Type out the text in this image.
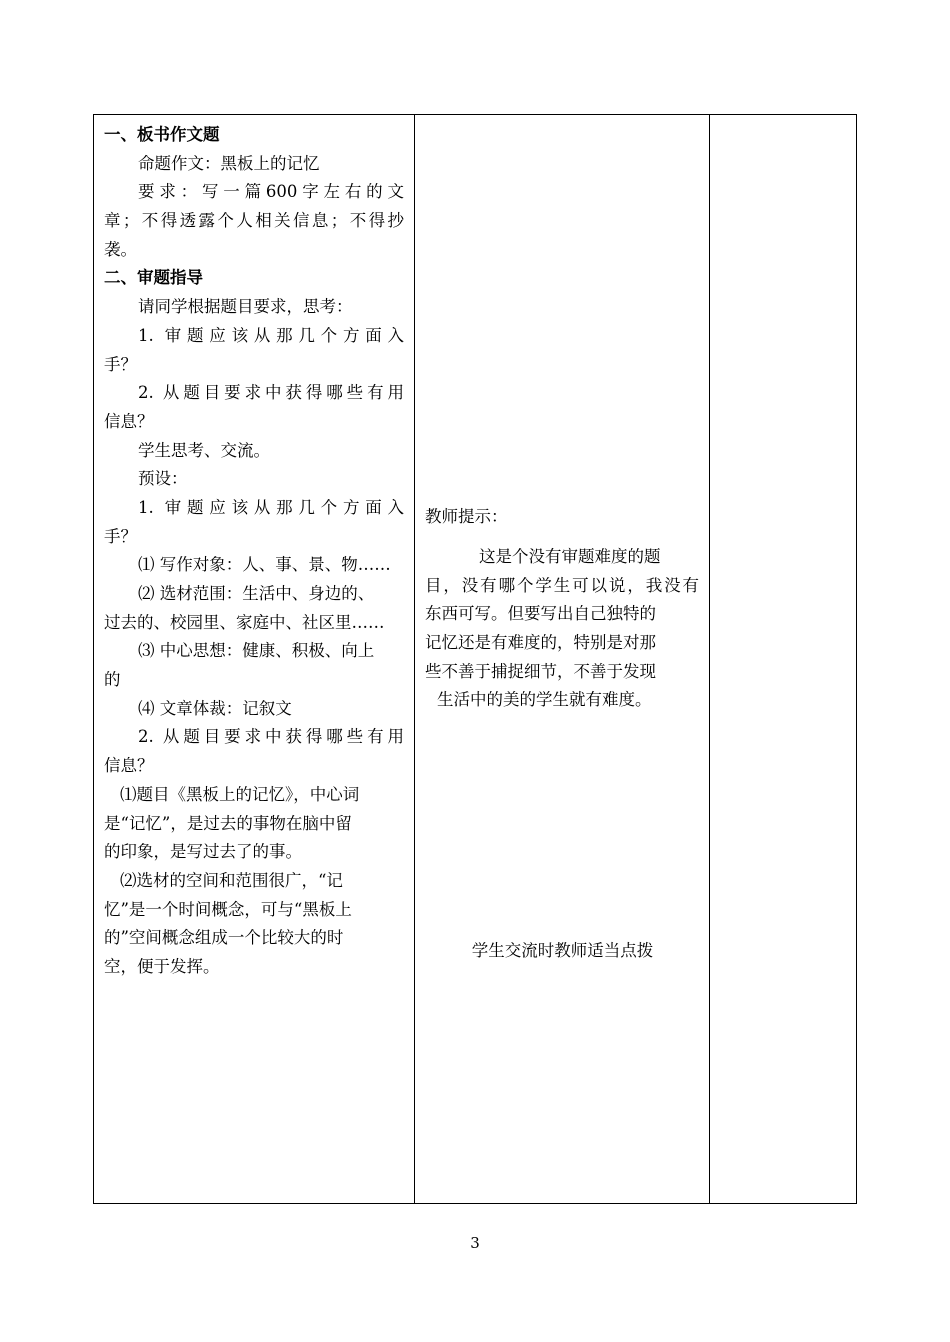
一、板书作文题
命题作文：黑板上的记忆
要求：写一篇600字左右的文
章；不得透露个人相关信息；不得抄
袭。
二、审题指导
请同学根据题目要求，思考：
1. 审题应该从那几个方面入
手？
2. 从题目要求中获得哪些有用
信息？
学生思考、交流。
预设：
1. 审题应该从那几个方面入
手？
⑴ 写作对象：人、事、景、物……
⑵ 选材范围：生活中、身边的、
过去的、校园里、家庭中、社区里……
⑶ 中心思想：健康、积极、向上
的
⑷ 文章体裁：记叙文
2. 从题目要求中获得哪些有用
信息？
⑴题目《黑板上的记忆》，中心词
是“记忆”，是过去的事物在脑中留
的印象，是写过去了的事。
⑵选材的空间和范围很广，“记
忆”是一个时间概念，可与“黑板上
的”空间概念组成一个比较大的时
空，便于发挥。
教师提示：
这是个没有审题难度的题
目，没有哪个学生可以说，我没有
东西可写。但要写出自己独特的
记忆还是有难度的，特别是对那
些不善于捕捉细节，不善于发现
生活中的美的学生就有难度。
学生交流时教师适当点拨
3
